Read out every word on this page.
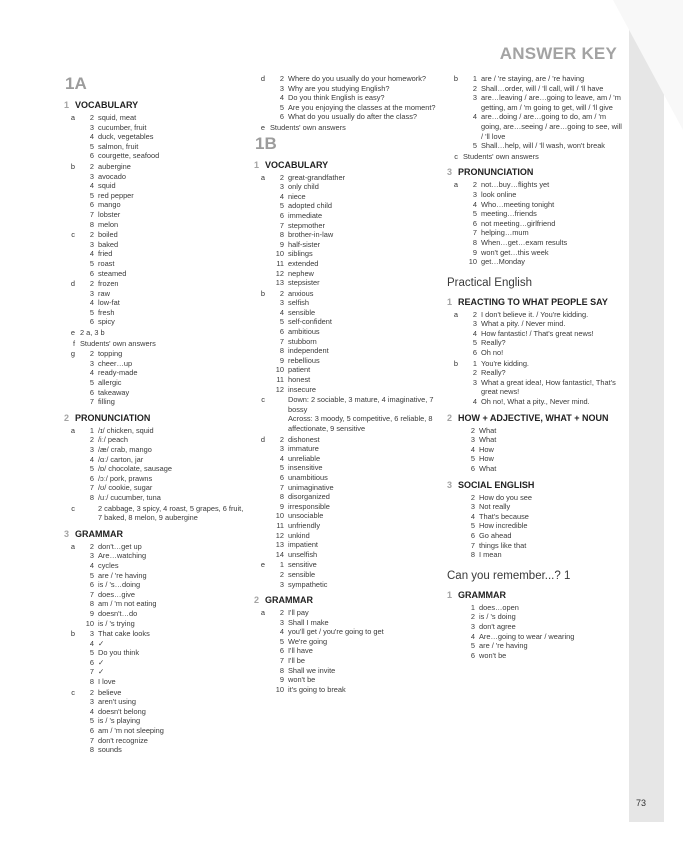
ANSWER KEY
1A
1 VOCABULARY
a	2 squid, meat
3 cucumber, fruit
4 duck, vegetables
5 salmon, fruit
6 courgette, seafood
b	2 aubergine
3 avocado
4 squid
5 red pepper
6 mango
7 lobster
8 melon
c	2 boiled
3 baked
4 fried
5 roast
6 steamed
d	2 frozen
3 raw
4 low-fat
5 fresh
6 spicy
e 2 a, 3 b
f Students' own answers
g	2 topping
3 cheer…up
4 ready-made
5 allergic
6 takeaway
7 filling
2 PRONUNCIATION
a	1 /ɪ/ chicken, squid
2 /iː/ peach
3 /æ/ crab, mango
4 /ɑː/ carton, jar
5 /ɒ/ chocolate, sausage
6 /ɔː/ pork, prawns
7 /ʊ/ cookie, sugar
8 /uː/ cucumber, tuna
c	2 cabbage, 3 spicy, 4 roast, 5 grapes, 6 fruit, 7 baked, 8 melon, 9 aubergine
3 GRAMMAR
a	2 don't…get up
3 Are…watching
4 cycles
5 are / 're having
6 is / 's…doing
7 does…give
8 am / 'm not eating
9 doesn't…do
10 is / 's trying
b	3 That cake looks
4 ✓
5 Do you think
6 ✓
7 ✓
8 I love
c	2 believe
3 aren't using
4 doesn't belong
5 is / 's playing
6 am / 'm not sleeping
7 don't recognize
8 sounds
d	2 Where do you usually do your homework?
3 Why are you studying English?
4 Do you think English is easy?
5 Are you enjoying the classes at the moment?
6 What do you usually do after the class?
e Students' own answers
1B
1 VOCABULARY
a	2 great-grandfather
3 only child
4 niece
5 adopted child
6 immediate
7 stepmother
8 brother-in-law
9 half-sister
10 siblings
11 extended
12 nephew
13 stepsister
b	2 anxious
3 selfish
4 sensible
5 self-confident
6 ambitious
7 stubborn
8 independent
9 rebellious
10 patient
11 honest
12 insecure
c	Down: 2 sociable, 3 mature, 4 imaginative, 7 bossy
Across: 3 moody, 5 competitive, 6 reliable, 8 affectionate, 9 sensitive
d	2 dishonest
3 immature
4 unreliable
5 insensitive
6 unambitious
7 unimaginative
8 disorganized
9 irresponsible
10 unsociable
11 unfriendly
12 unkind
13 impatient
14 unselfish
e	1 sensitive
2 sensible
3 sympathetic
2 GRAMMAR
a	2 I'll pay
3 Shall I make
4 you'll get / you're going to get
5 We're going
6 I'll have
7 I'll be
8 Shall we invite
9 won't be
10 it's going to break
b	1 are / 're staying, are / 're having
2 Shall…order, will / 'll call, will / 'll have
3 are…leaving / are…going to leave, am / 'm getting, am / 'm going to get, will / 'll give
4 are…doing / are…going to do, am / 'm going, are…seeing / are…going to see, will / 'll love
5 Shall…help, will / 'll wash, won't break
c Students' own answers
3 PRONUNCIATION
a	2 not…buy…flights yet
3 look online
4 Who…meeting tonight
5 meeting…friends
6 not meeting…girlfriend
7 helping…mum
8 When…get…exam results
9 won't get…this week
10 get…Monday
Practical English
1 REACTING TO WHAT PEOPLE SAY
a	2 I don't believe it. / You're kidding.
3 What a pity. / Never mind.
4 How fantastic! / That's great news!
5 Really?
6 Oh no!
b	1 You're kidding.
2 Really?
3 What a great idea!, How fantastic!, That's great news!
4 Oh no!, What a pity., Never mind.
2 HOW + ADJECTIVE, WHAT + NOUN
2 What
3 What
4 How
5 How
6 What
3 SOCIAL ENGLISH
2 How do you see
3 Not really
4 That's because
5 How incredible
6 Go ahead
7 things like that
8 I mean
Can you remember...? 1
1 GRAMMAR
1 does…open
2 is / 's doing
3 don't agree
4 Are…going to wear / wearing
5 are / 're having
6 won't be
73
